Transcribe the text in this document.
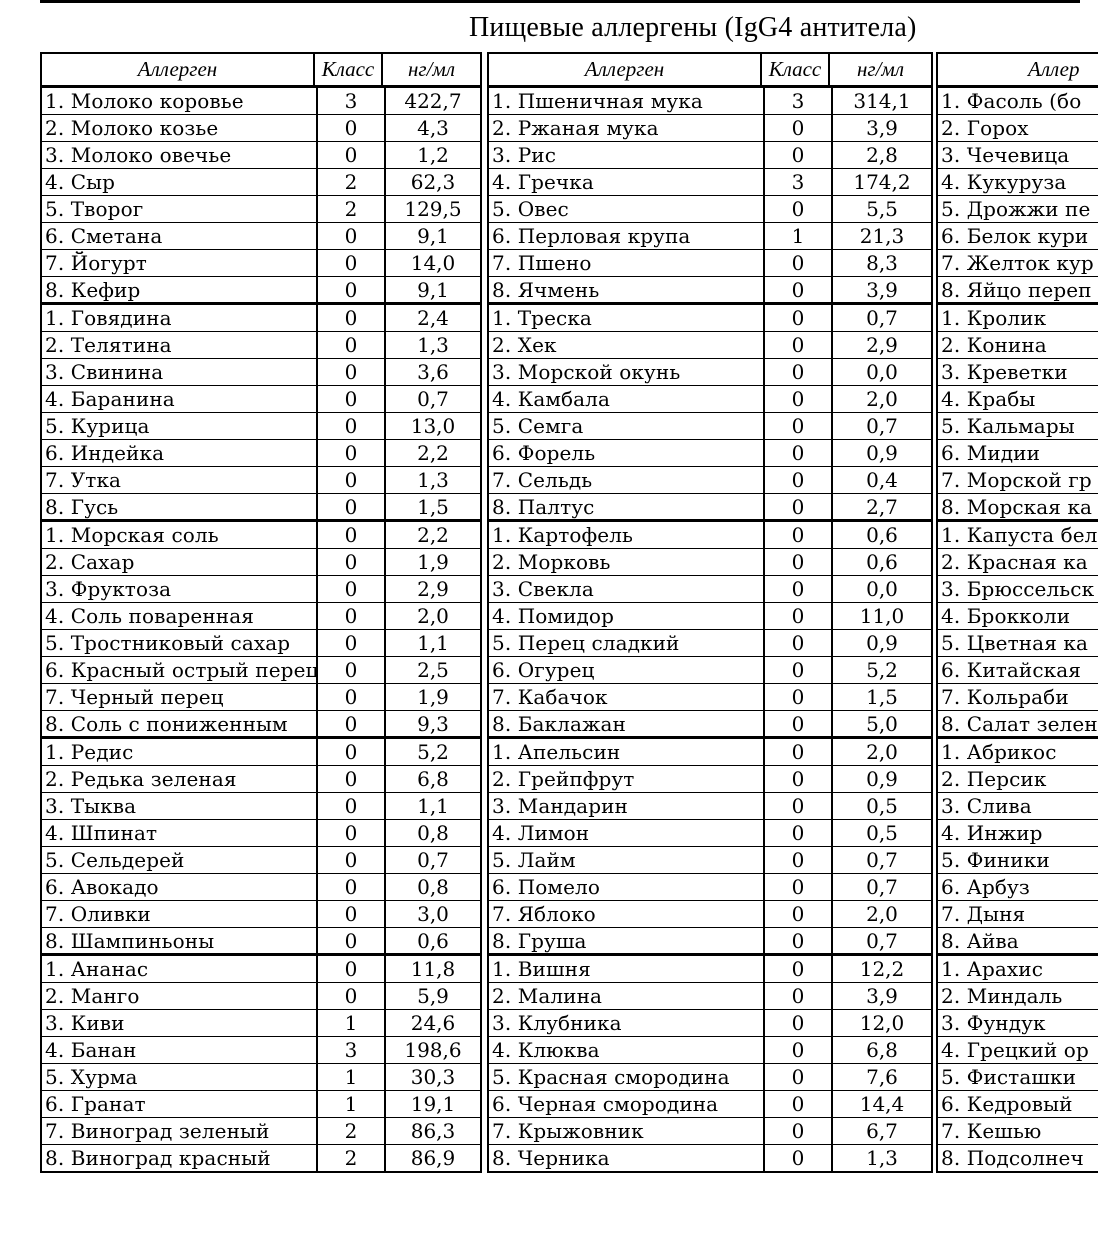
Пищевые аллергены (IgG4 антитела)
Аллерген	Класс	нг/мл
1. Молоко коровье	3	422,7
2. Молоко козье	0	4,3
3. Молоко овечье	0	1,2
4. Сыр	2	62,3
5. Творог	2	129,5
6. Сметана	0	9,1
7. Йогурт	0	14,0
8. Кефир	0	9,1
1. Говядина	0	2,4
2. Телятина	0	1,3
3. Свинина	0	3,6
4. Баранина	0	0,7
5. Курица	0	13,0
6. Индейка	0	2,2
7. Утка	0	1,3
8. Гусь	0	1,5
1. Морская соль	0	2,2
2. Сахар	0	1,9
3. Фруктоза	0	2,9
4. Соль поваренная	0	2,0
5. Тростниковый сахар	0	1,1
6. Красный острый перец	0	2,5
7. Черный перец	0	1,9
8. Соль с пониженным	0	9,3
1. Редис	0	5,2
2. Редька зеленая	0	6,8
3. Тыква	0	1,1
4. Шпинат	0	0,8
5. Сельдерей	0	0,7
6. Авокадо	0	0,8
7. Оливки	0	3,0
8. Шампиньоны	0	0,6
1. Ананас	0	11,8
2. Манго	0	5,9
3. Киви	1	24,6
4. Банан	3	198,6
5. Хурма	1	30,3
6. Гранат	1	19,1
7. Виноград зеленый	2	86,3
8. Виноград красный	2	86,9
Аллерген	Класс	нг/мл
1. Пшеничная мука	3	314,1
2. Ржаная мука	0	3,9
3. Рис	0	2,8
4. Гречка	3	174,2
5. Овес	0	5,5
6. Перловая крупа	1	21,3
7. Пшено	0	8,3
8. Ячмень	0	3,9
1. Треска	0	0,7
2. Хек	0	2,9
3. Морской окунь	0	0,0
4. Камбала	0	2,0
5. Семга	0	0,7
6. Форель	0	0,9
7. Сельдь	0	0,4
8. Палтус	0	2,7
1. Картофель	0	0,6
2. Морковь	0	0,6
3. Свекла	0	0,0
4. Помидор	0	11,0
5. Перец сладкий	0	0,9
6. Огурец	0	5,2
7. Кабачок	0	1,5
8. Баклажан	0	5,0
1. Апельсин	0	2,0
2. Грейпфрут	0	0,9
3. Мандарин	0	0,5
4. Лимон	0	0,5
5. Лайм	0	0,7
6. Помело	0	0,7
7. Яблоко	0	2,0
8. Груша	0	0,7
1. Вишня	0	12,2
2. Малина	0	3,9
3. Клубника	0	12,0
4. Клюква	0	6,8
5. Красная смородина	0	7,6
6. Черная смородина	0	14,4
7. Крыжовник	0	6,7
8. Черника	0	1,3
Аллер
1. Фасоль (бо
2. Горох
3. Чечевица
4. Кукуруза
5. Дрожжи пе
6. Белок кури
7. Желток кур
8. Яйцо переп
1. Кролик
2. Конина
3. Креветки
4. Крабы
5. Кальмары
6. Мидии
7. Морской гр
8. Морская ка
1. Капуста бел
2. Красная ка
3. Брюссельск
4. Брокколи
5. Цветная ка
6. Китайская
7. Кольраби
8. Салат зелен
1. Абрикос
2. Персик
3. Слива
4. Инжир
5. Финики
6. Арбуз
7. Дыня
8. Айва
1. Арахис
2. Миндаль
3. Фундук
4. Грецкий ор
5. Фисташки
6. Кедровый
7. Кешью
8. Подсолнеч
